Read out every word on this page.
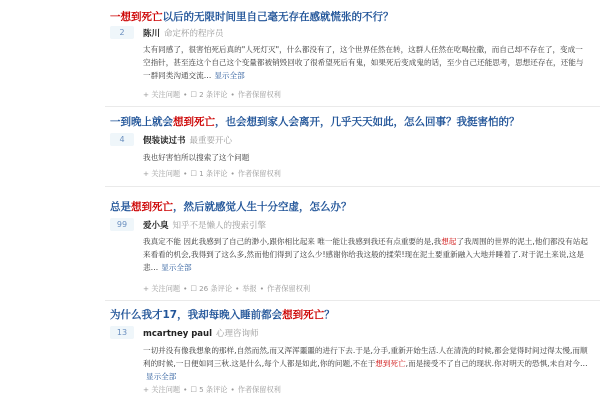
一想到死亡以后的无限时间里自己毫无存在感就慌张的不行？
2	陈川 命定杯的程序员
太有同感了，很害怕死后真的"人死灯灭"，什么都没有了，这个世界任然在转，这群人任然在吃喝拉撒，而自己却不存在了，变成一空指针，甚至连这个自己这个变量都被销毁回收了很希望死后有鬼，如果死后变成鬼的话，至少自己还能思考，思想还存在，还能与一群同类沟通交流… 显示全部
+ 关注问题 • ☐ 2 条评论 • 作者保留权利
一到晚上就会想到死亡，也会想到家人会离开，几乎天天如此，怎么回事？我挺害怕的？
4	假装读过书 最重要开心
我也好害怕所以搜索了这个问题
+ 关注问题 • ☐ 1 条评论 • 作者保留权利
总是想到死亡，然后就感觉人生十分空虚，怎么办？
99	爱小臭 知乎不是懒人的搜索引擎
我真定不能 因此我感到了自己的渺小,跟你相比起来 唯一能让我感到我还有点重要的是,我想起了我周围的世界的泥土,他们都没有站起来看看的机会,我得到了这么多,然而他们得到了这么少!感谢你给我这般的揉荣!现在泥土要重新融入大地并睡着了.对于泥土来说,这是悲… 显示全部
+ 关注问题 • ☐ 26 条评论 • 举报 • 作者保留权利
为什么我才17，我却每晚入睡前都会想到死亡？
13	mcartney paul 心理咨询师
一切并没有像我想象的那样,自然而然,而又浑浑噩噩的进行下去.于是,分手,重新开始生活.人在清洗的时候,都会觉得时间过得太慢,而顺利的时候,一日便如同三秋.这是什么,每个人都是如此,你的问题,不在于想到死亡,而是接受不了自己的现状.你对明天的恐惧,未自对今…显示全部
+ 关注问题 • ☐ 5 条评论 • 作者保留权利
